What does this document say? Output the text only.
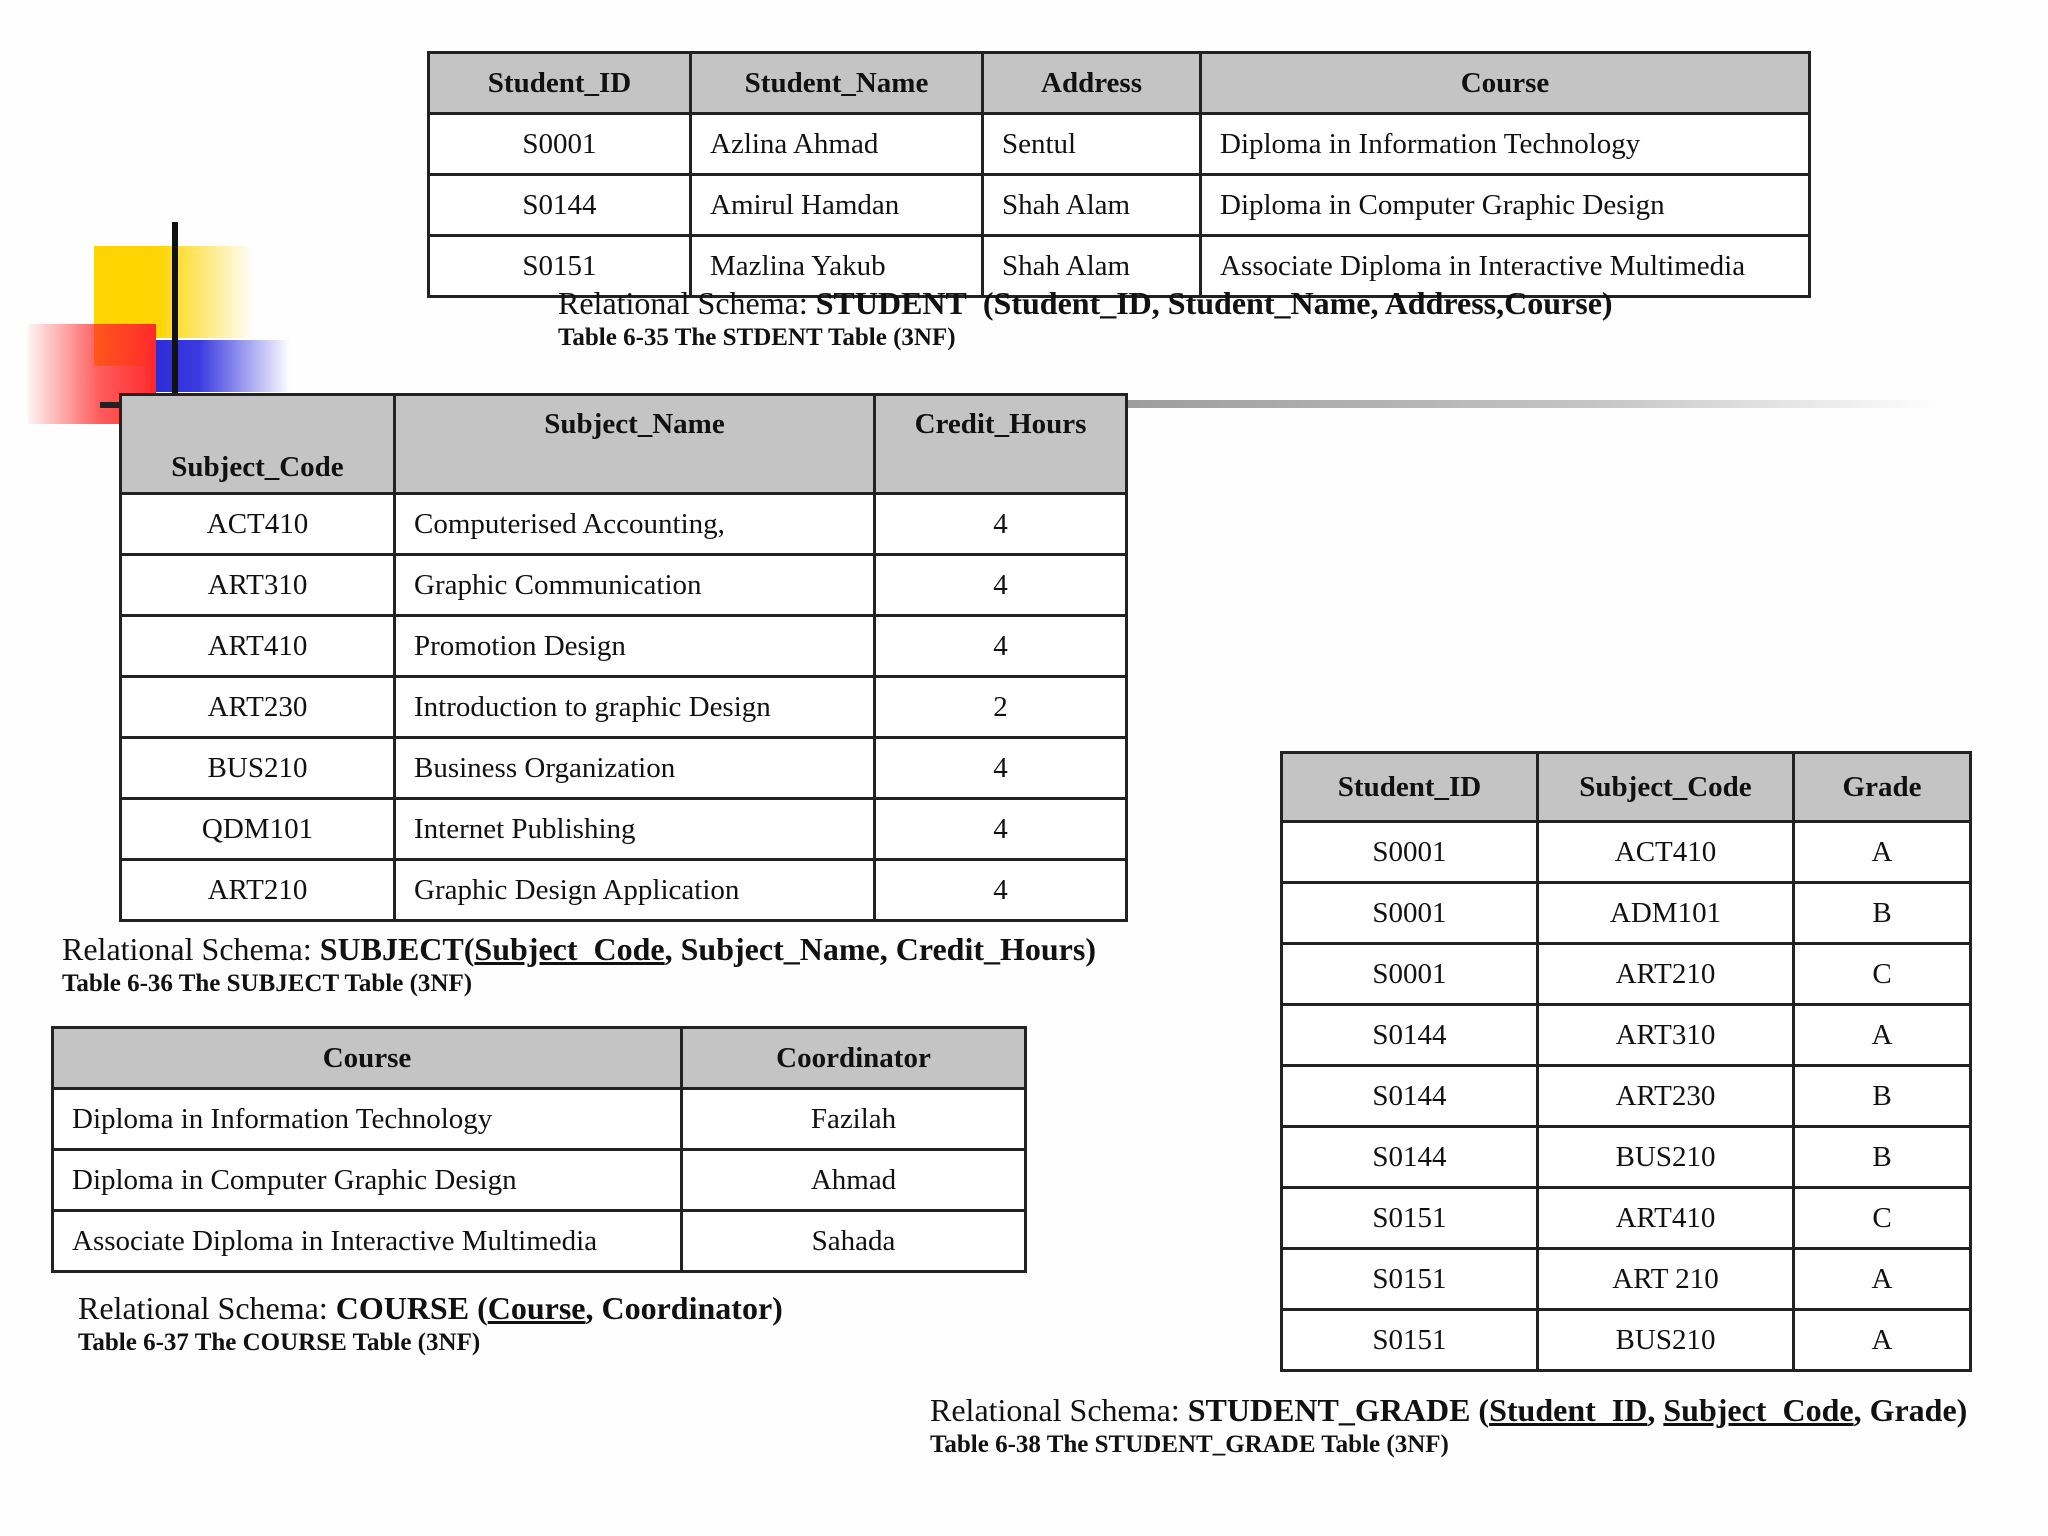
Student_ID	Student_Name	Address	Course
S0001	Azlina Ahmad	Sentul	Diploma in Information Technology
S0144	Amirul Hamdan	Shah Alam	Diploma in Computer Graphic Design
S0151	Mazlina Yakub	Shah Alam	Associate Diploma in Interactive Multimedia
Relational Schema: STUDENT (Student_ID, Student_Name, Address,Course)
Table 6‑35 The STDENT Table (3NF)
Subject_Code	Subject_Name	Credit_Hours
ACT410	Computerised Accounting,	4
ART310	Graphic Communication	4
ART410	Promotion Design	4
ART230	Introduction to graphic Design	2
BUS210	Business Organization	4
QDM101	Internet Publishing	4
ART210	Graphic Design Application	4
Relational Schema: SUBJECT(Subject_Code, Subject_Name, Credit_Hours)
Table 6‑36 The SUBJECT Table (3NF)
Course	Coordinator
Diploma in Information Technology	Fazilah
Diploma in Computer Graphic Design	Ahmad
Associate Diploma in Interactive Multimedia	Sahada
Relational Schema: COURSE (Course, Coordinator)
Table 6‑37 The COURSE Table (3NF)
Student_ID	Subject_Code	Grade
S0001	ACT410	A
S0001	ADM101	B
S0001	ART210	C
S0144	ART310	A
S0144	ART230	B
S0144	BUS210	B
S0151	ART410	C
S0151	ART 210	A
S0151	BUS210	A
Relational Schema: STUDENT_GRADE (Student_ID, Subject_Code, Grade)
Table 6‑38 The STUDENT_GRADE Table (3NF)
